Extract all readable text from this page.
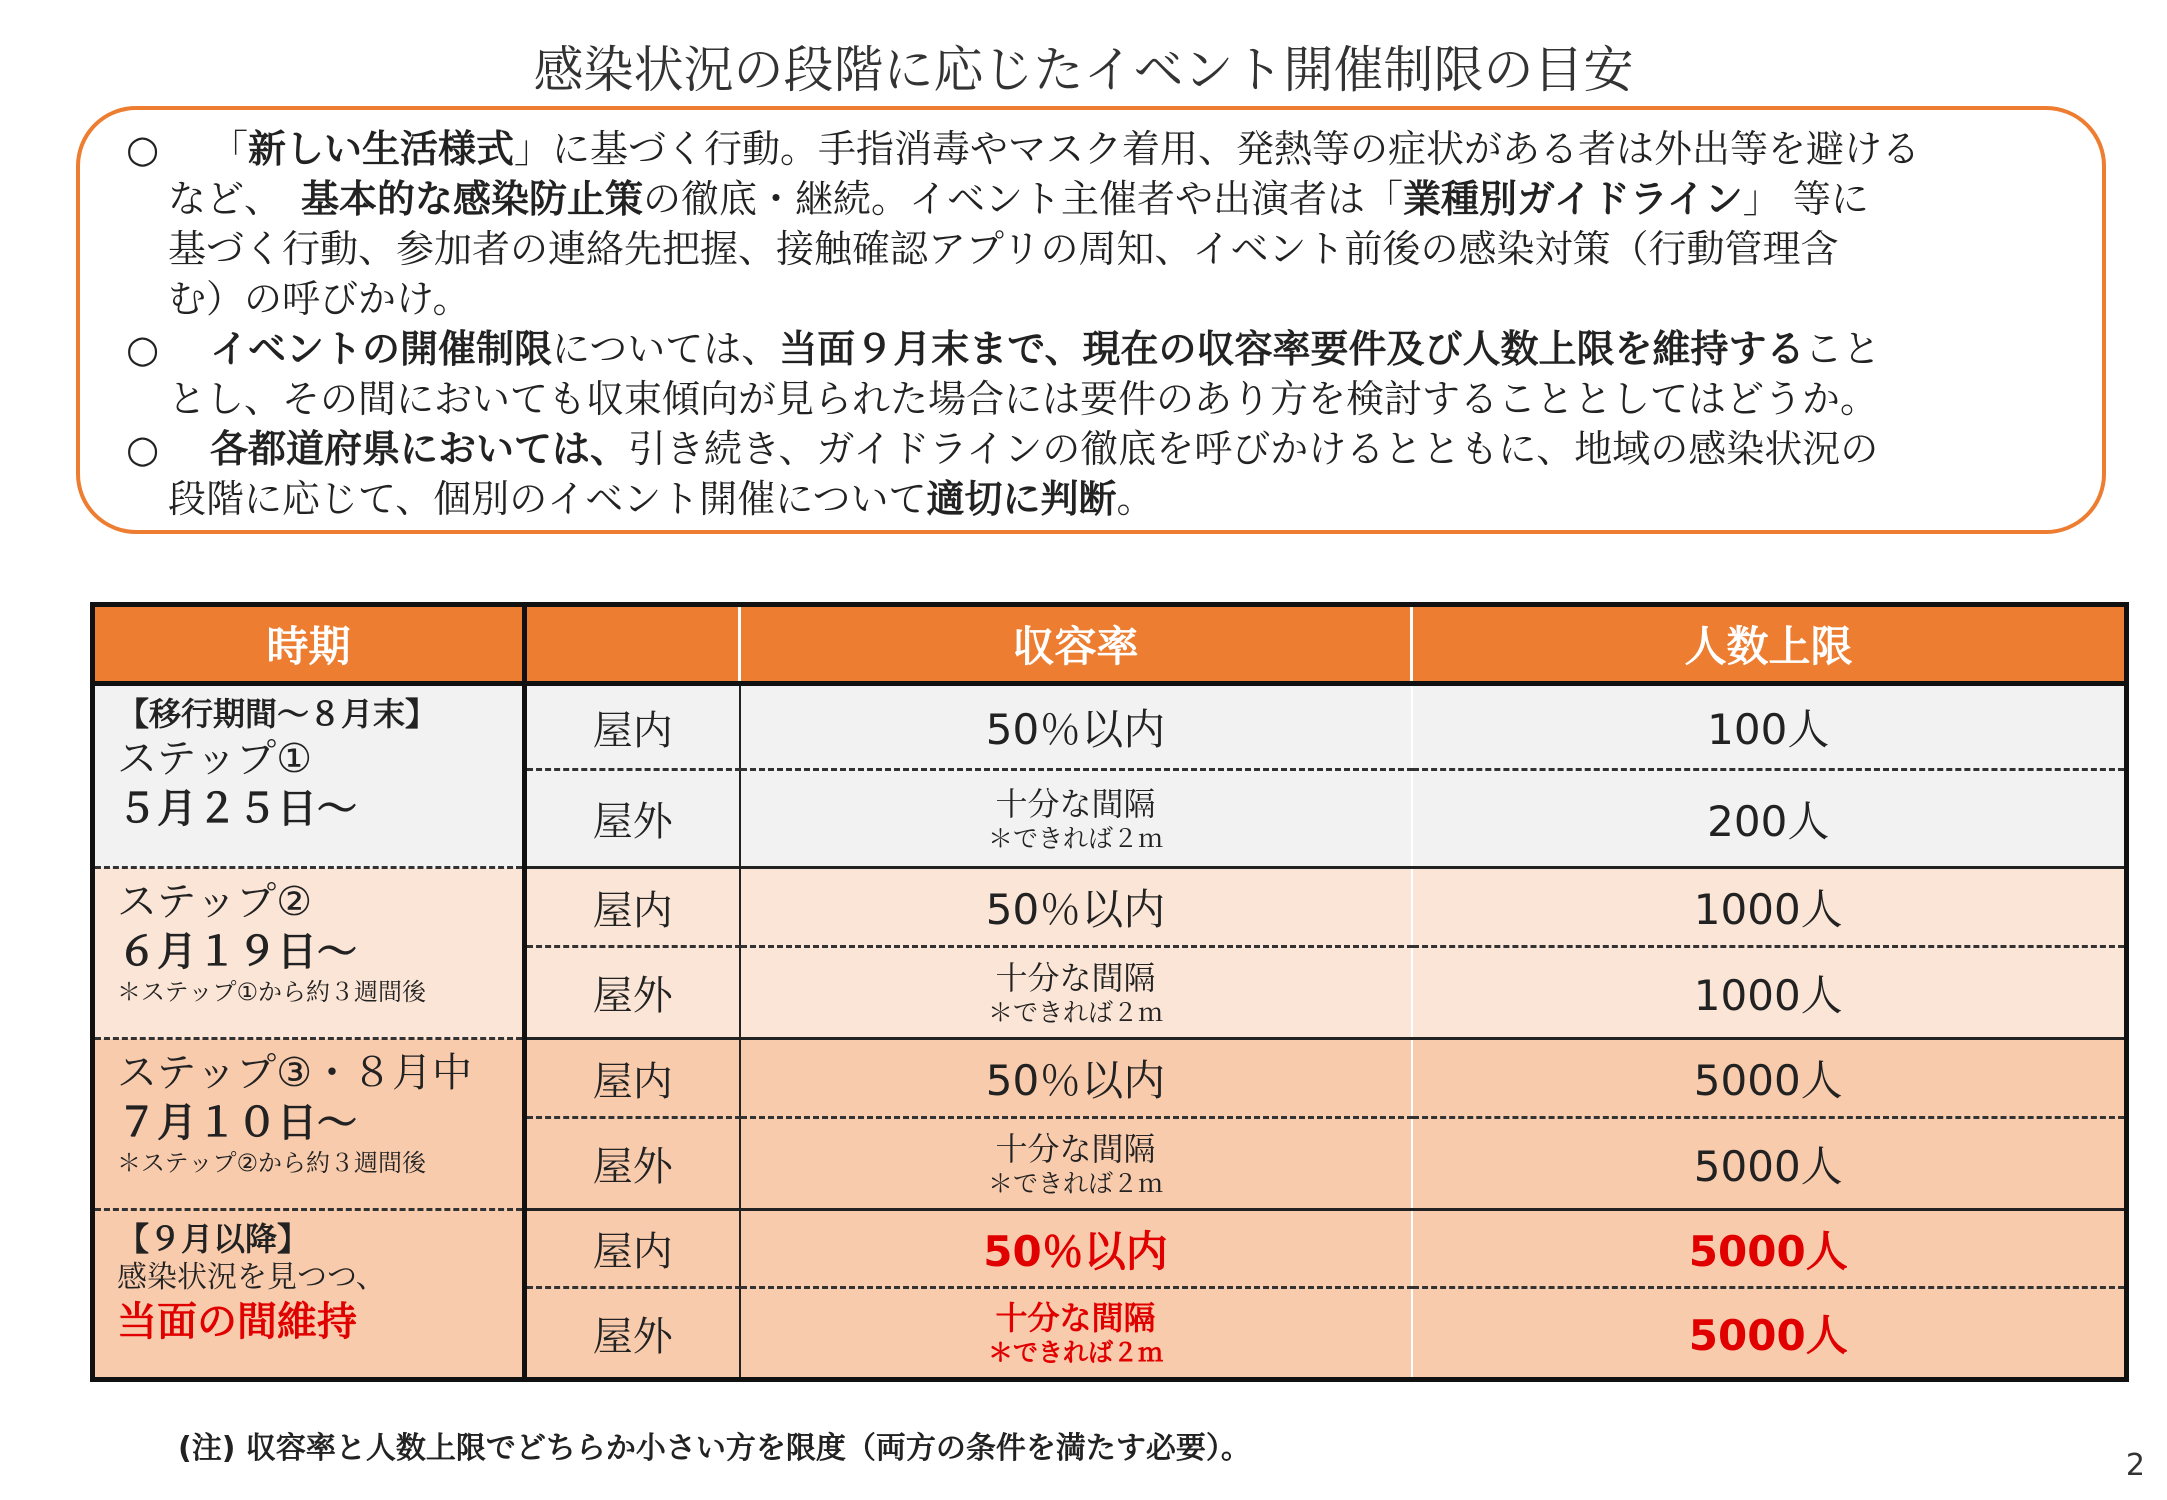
感染状況の段階に応じたイベント開催制限の目安

○ 「新しい生活様式」に基づく行動。手指消毒やマスク着用、発熱等の症状がある者は外出等を避ける
など、　基本的な感染防止策の徹底・継続。イベント主催者や出演者は「業種別ガイドライン」 等に
基づく行動、参加者の連絡先把握、接触確認アプリの周知、イベント前後の感染対策（行動管理含
む）の呼びかけ。

○ イベントの開催制限については、当面９月末まで、現在の収容率要件及び人数上限を維持すること
とし、その間においても収束傾向が見られた場合には要件のあり方を検討することとしてはどうか。

○ 各都道府県においては、引き続き、ガイドラインの徹底を呼びかけるとともに、地域の感染状況の
段階に応じて、個別のイベント開催について適切に判断。

時期		収容率	人数上限

【移行期間～８月末】
ステップ①
５月２５日～	屋内	50％以内	100人
	屋外	十分な間隔
＊できれば２ｍ	200人

ステップ②
６月１９日～
＊ステップ①から約３週間後	屋内	50％以内	1000人
	屋外	十分な間隔
＊できれば２ｍ	1000人

ステップ③・８月中
７月１０日～
＊ステップ②から約３週間後	屋内	50％以内	5000人
	屋外	十分な間隔
＊できれば２ｍ	5000人

【９月以降】
感染状況を見つつ、
当面の間維持	屋内	50％以内	5000人
	屋外	十分な間隔
＊できれば２ｍ	5000人
(注) 収容率と人数上限でどちらか小さい方を限度（両方の条件を満たす必要）。	2
